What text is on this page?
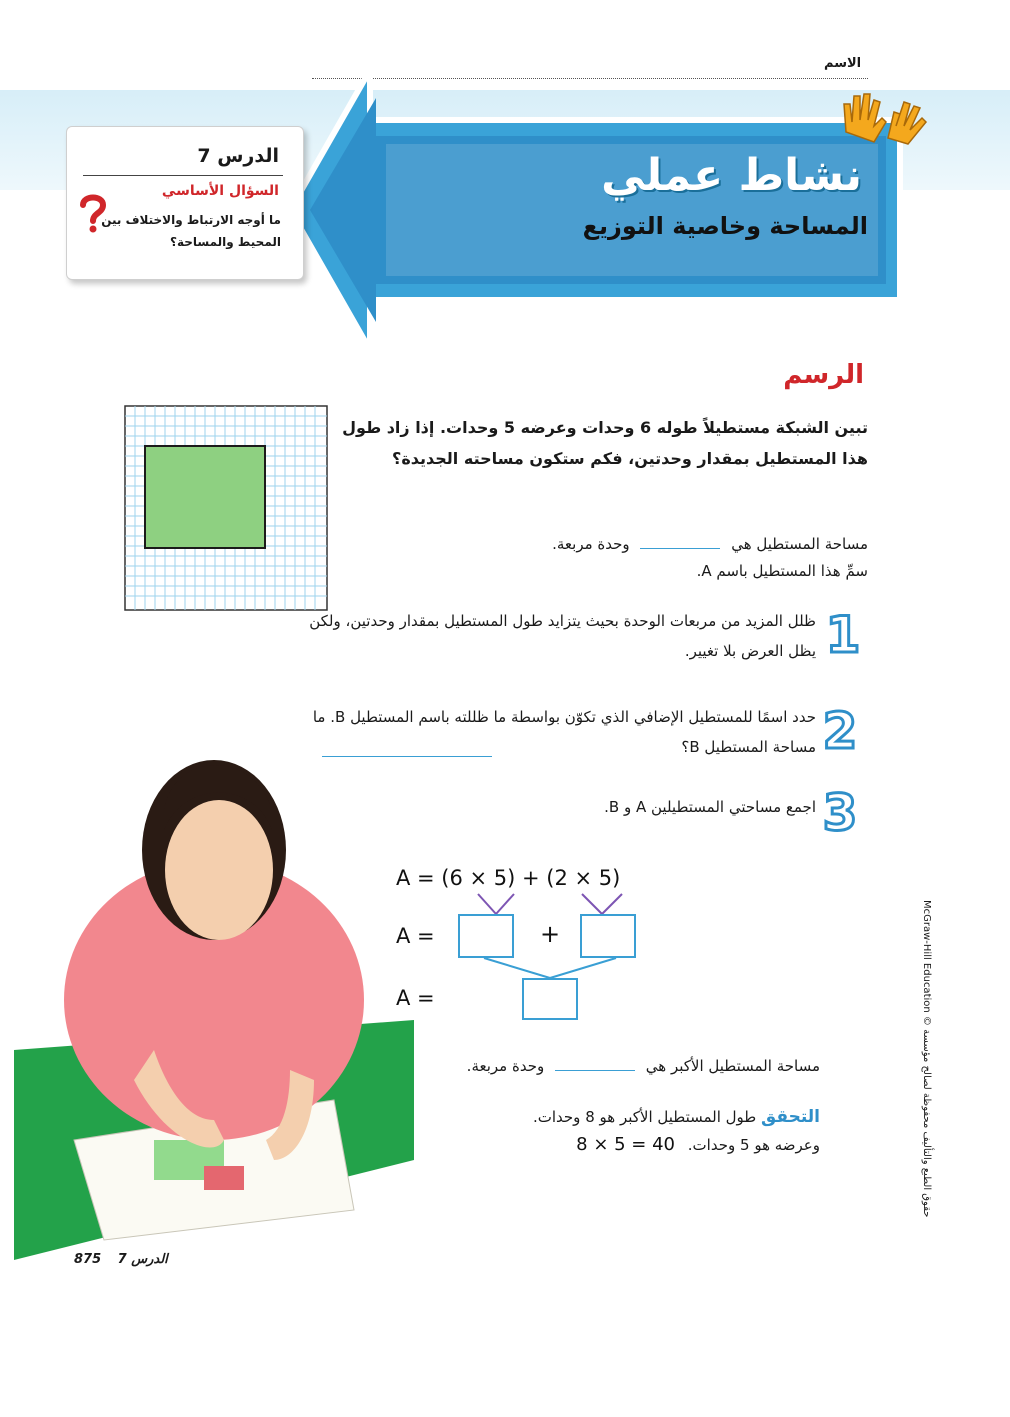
الاسم
نشاط عملي
المساحة وخاصية التوزيع
الدرس 7
السؤال الأساسي
ما أوجه الارتباط والاختلاف بين المحيط والمساحة؟
الرسم
تبين الشبكة مستطيلاً طوله 6 وحدات وعرضه 5 وحدات. إذا زاد طول هذا المستطيل بمقدار وحدتين، فكم ستكون مساحته الجديدة؟
مساحة المستطيل هي  وحدة مربعة.
سمِّ هذا المستطيل باسم A.
1
ظلل المزيد من مربعات الوحدة بحيث يتزايد طول المستطيل بمقدار وحدتين، ولكن يظل العرض بلا تغيير.
2
حدد اسمًا للمستطيل الإضافي الذي تكوّن بواسطة ما ظللته باسم المستطيل B. ما مساحة المستطيل B؟
3
اجمع مساحتي المستطيلين A و B.
A = (6 × 5) + (2 × 5)
A =	+
A =
مساحة المستطيل الأكبر هي  وحدة مربعة.
التحقق طول المستطيل الأكبر هو 8 وحدات.
وعرضه هو 5 وحدات. 8 × 5 = 40
875 الدرس 7
McGraw-Hill Education © حقوق الطبع والتأليف محفوظة لصالح مؤسسة
